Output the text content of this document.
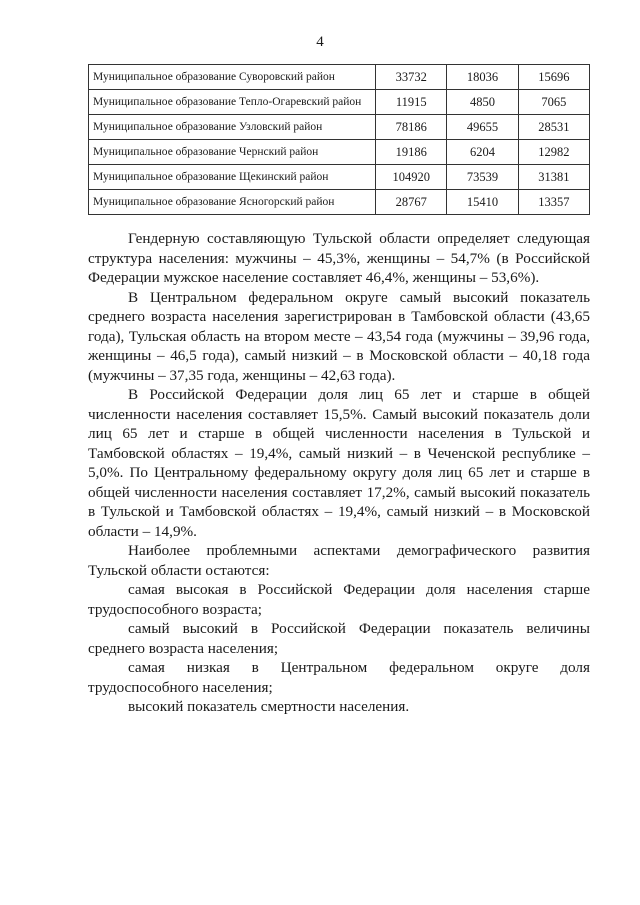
4
Муниципальное образование Суворовский район	33732	18036	15696
Муниципальное образование Тепло-Огаревский район	11915	4850	7065
Муниципальное образование Узловский район	78186	49655	28531
Муниципальное образование Чернский район	19186	6204	12982
Муниципальное образование Щекинский район	104920	73539	31381
Муниципальное образование Ясногорский район	28767	15410	13357

Гендерную составляющую Тульской области определяет следующая структура населения: мужчины – 45,3%, женщины – 54,7% (в Российской Федерации мужское население составляет 46,4%, женщины – 53,6%).

В Центральном федеральном округе самый высокий показатель среднего возраста населения зарегистрирован в Тамбовской области (43,65 года), Тульская область на втором месте – 43,54 года (мужчины – 39,96 года, женщины – 46,5 года), самый низкий – в Московской области – 40,18 года (мужчины – 37,35 года, женщины – 42,63 года).

В Российской Федерации доля лиц 65 лет и старше в общей численности населения составляет 15,5%. Самый высокий показатель доли лиц 65 лет и старше в общей численности населения в Тульской и Тамбовской областях – 19,4%, самый низкий – в Чеченской республике – 5,0%. По Центральному федеральному округу доля лиц 65 лет и старше в общей численности населения составляет 17,2%, самый высокий показатель в Тульской и Тамбовской областях – 19,4%, самый низкий – в Московской области – 14,9%.

Наиболее проблемными аспектами демографического развития Тульской области остаются:

самая высокая в Российской Федерации доля населения старше трудоспособного возраста;

самый высокий в Российской Федерации показатель величины среднего возраста населения;

самая низкая в Центральном федеральном округе доля трудоспособного населения;

высокий показатель смертности населения.
